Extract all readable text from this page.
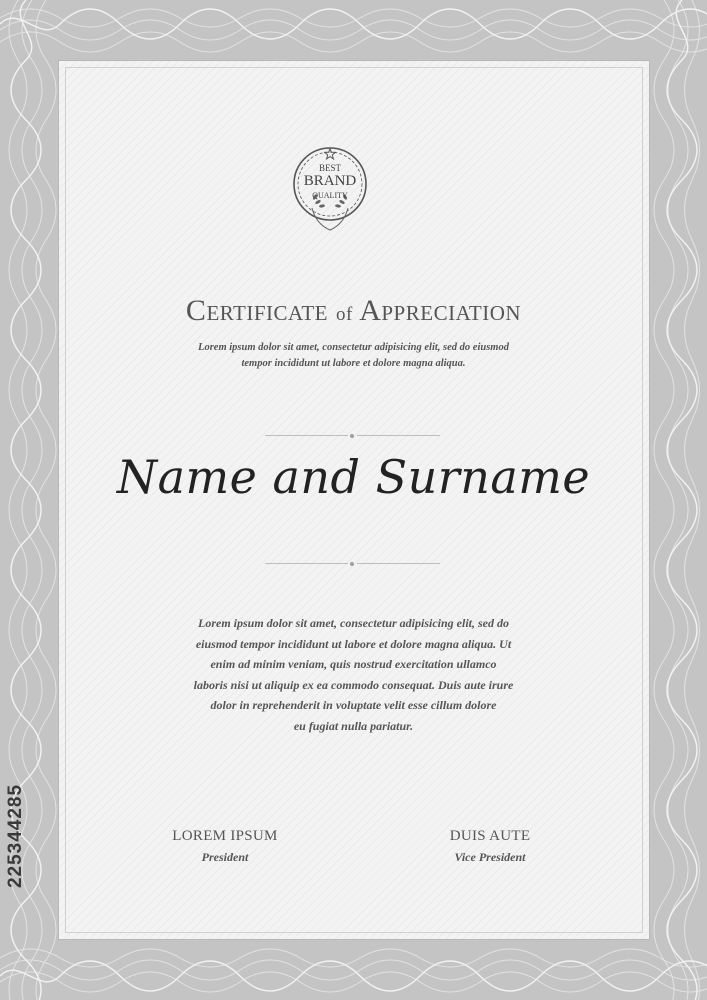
BEST
BRAND
QUALITY
CERTIFICATE of APPRECIATION
Lorem ipsum dolor sit amet, consectetur adipisicing elit, sed do eiusmod
tempor incididunt ut labore et dolore magna aliqua.
Name and Surname
Lorem ipsum dolor sit amet, consectetur adipisicing elit, sed do
eiusmod tempor incididunt ut labore et dolore magna aliqua. Ut
enim ad minim veniam, quis nostrud exercitation ullamco
laboris nisi ut aliquip ex ea commodo consequat. Duis aute irure
dolor in reprehenderit in voluptate velit esse cillum dolore
eu fugiat nulla pariatur.
LOREM IPSUM
President
DUIS AUTE
Vice President
225344285
